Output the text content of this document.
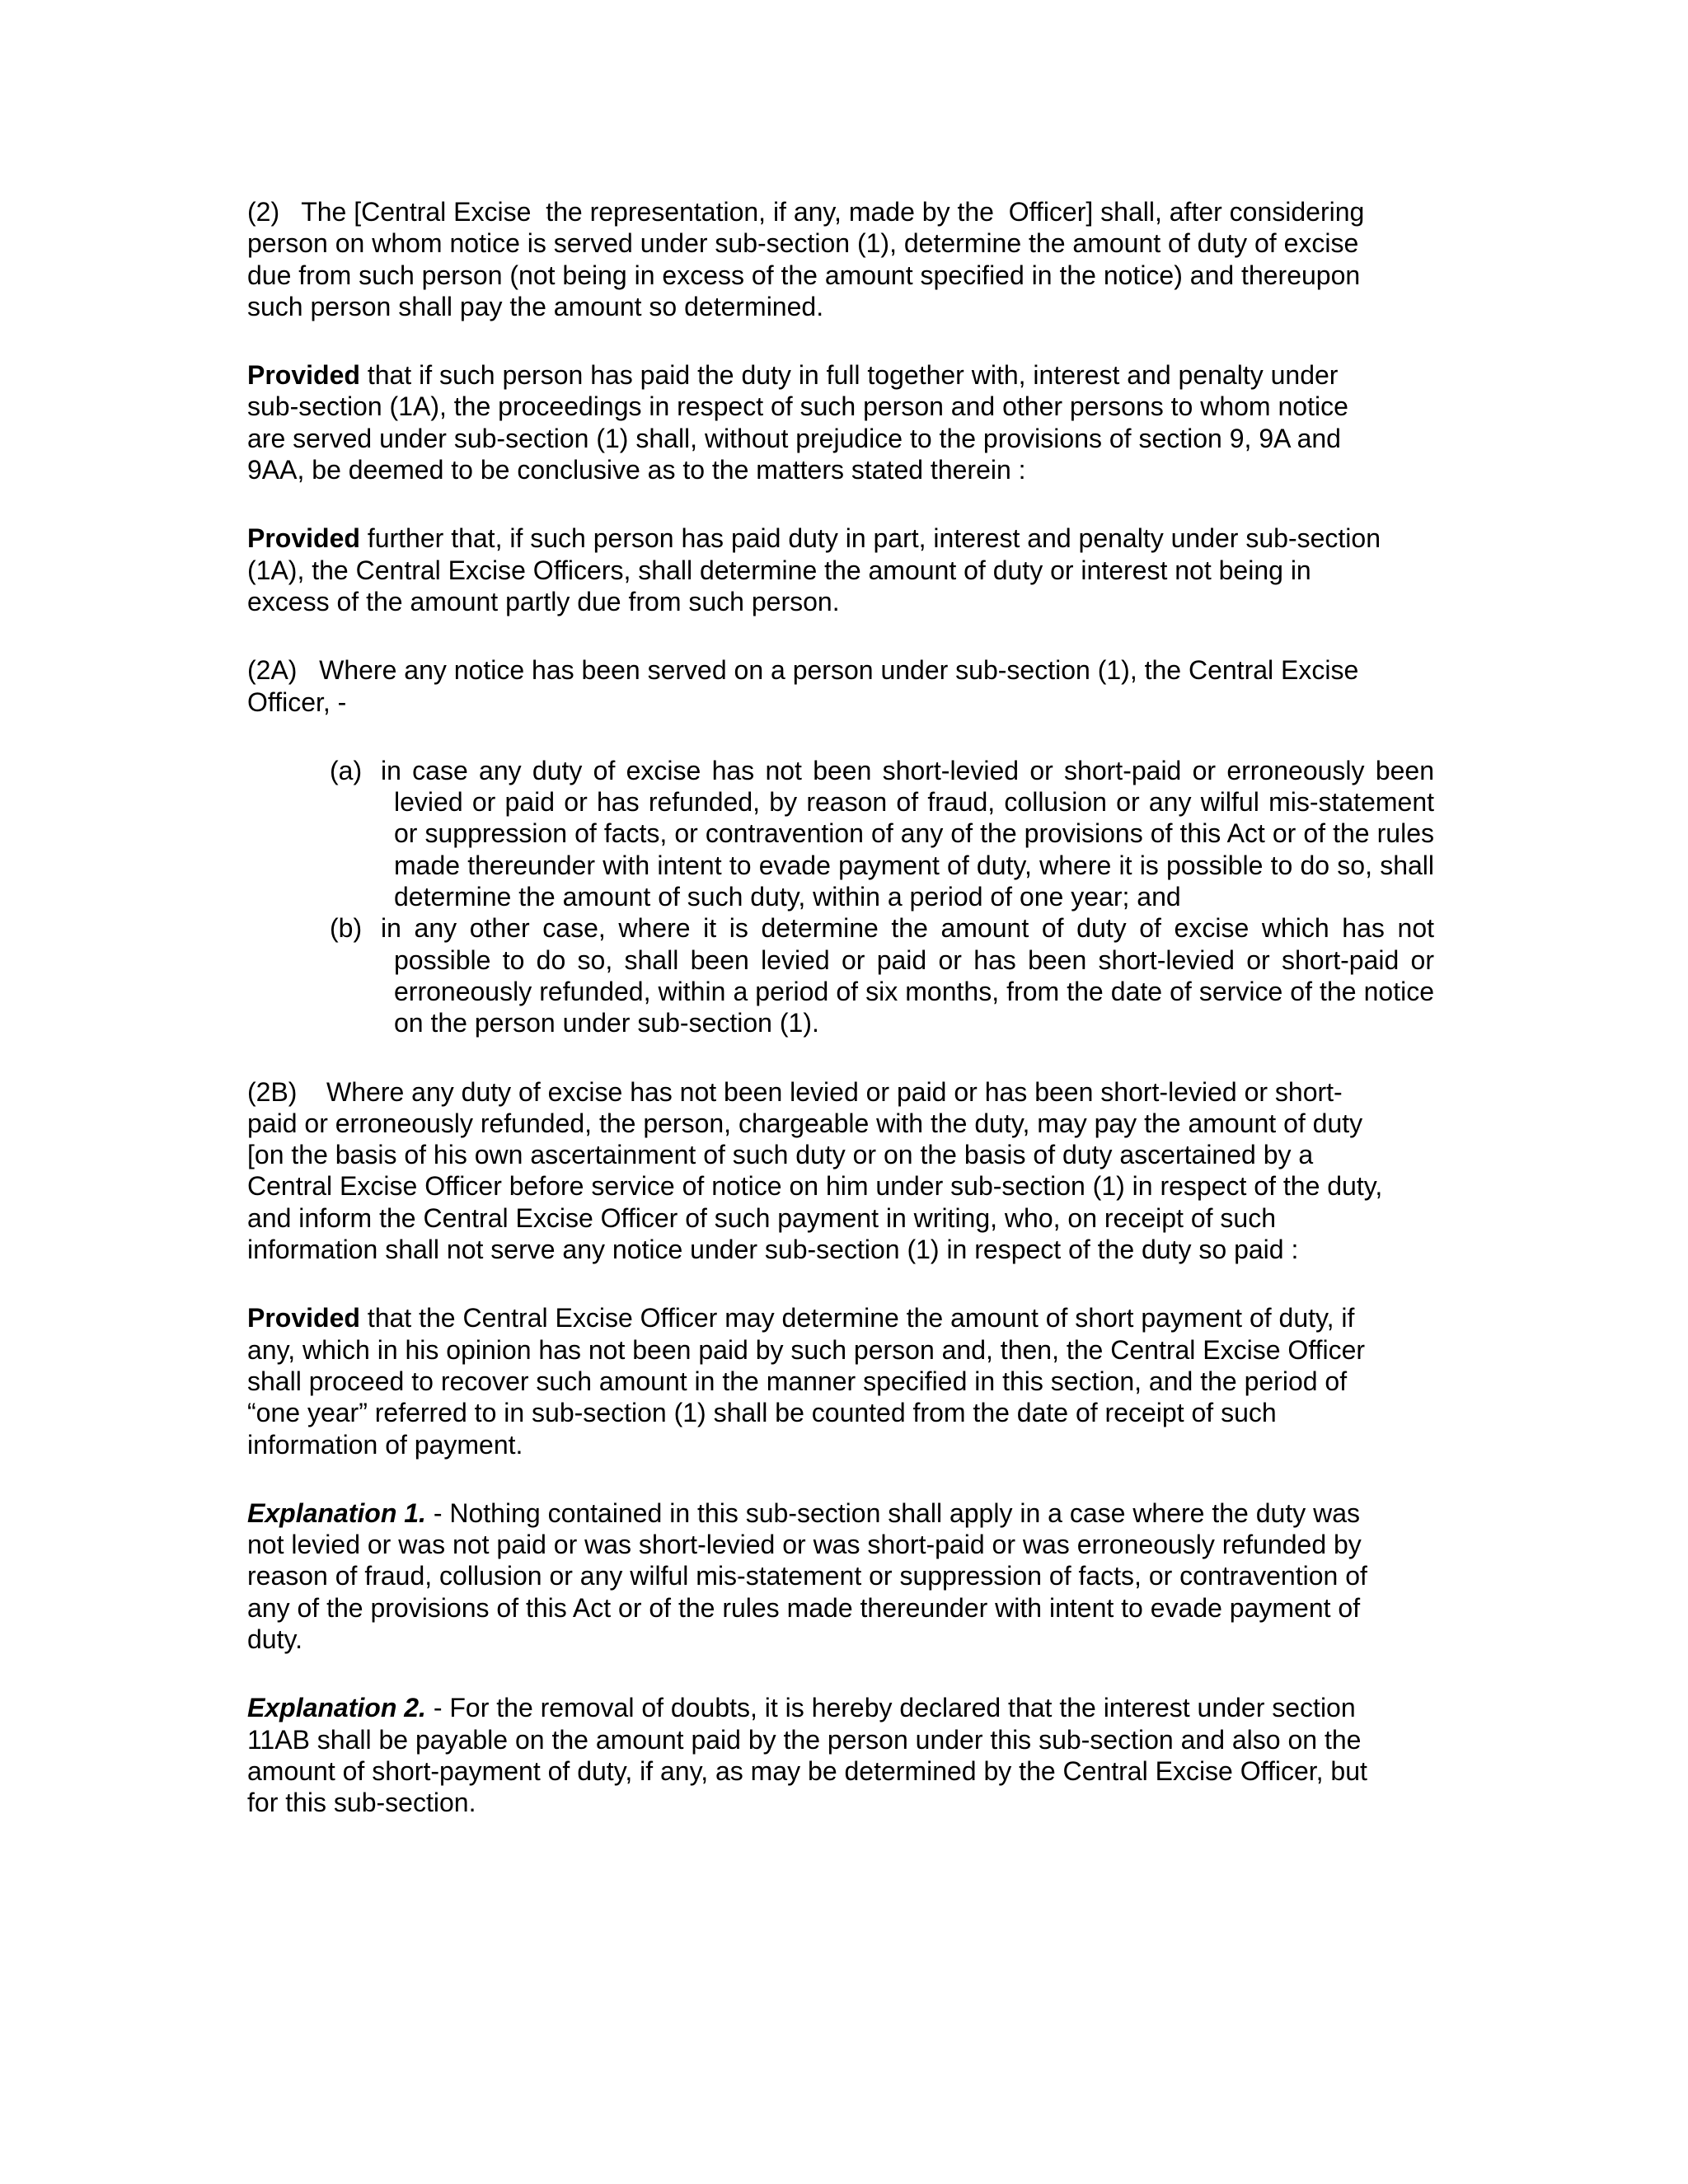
(2)   The [Central Excise  the representation, if any, made by the  Officer] shall, after considering
person on whom notice is served under sub-section (1), determine the amount of duty of excise
due from such person (not being in excess of the amount specified in the notice) and thereupon
such person shall pay the amount so determined.

Provided that if such person has paid the duty in full together with, interest and penalty under
sub-section (1A), the proceedings in respect of such person and other persons to whom notice
are served under sub-section (1) shall, without prejudice to the provisions of section 9, 9A and
9AA, be deemed to be conclusive as to the matters stated therein :

Provided further that, if such person has paid duty in part, interest and penalty under sub-section
(1A), the Central Excise Officers, shall determine the amount of duty or interest not being in
excess of the amount partly due from such person.

(2A)   Where any notice has been served on a person under sub-section (1), the Central Excise
Officer, -

(a) in case any duty of excise has not been short-levied or short-paid or erroneously been levied or paid or has refunded, by reason of fraud, collusion or any wilful mis-statement or suppression of facts, or contravention of any of the provisions of this Act or of the rules made thereunder with intent to evade payment of duty, where it is possible to do so, shall determine the amount of such duty, within a period of one year; and
(b) in any other case, where it is determine the amount of duty of excise which has not possible to do so, shall been levied or paid or has been short-levied or short-paid or erroneously refunded, within a period of six months, from the date of service of the notice on the person under sub-section (1).

(2B)    Where any duty of excise has not been levied or paid or has been short-levied or short-
paid or erroneously refunded, the person, chargeable with the duty, may pay the amount of duty
[on the basis of his own ascertainment of such duty or on the basis of duty ascertained by a
Central Excise Officer before service of notice on him under sub-section (1) in respect of the duty,
and inform the Central Excise Officer of such payment in writing, who, on receipt of such
information shall not serve any notice under sub-section (1) in respect of the duty so paid :

Provided that the Central Excise Officer may determine the amount of short payment of duty, if
any, which in his opinion has not been paid by such person and, then, the Central Excise Officer
shall proceed to recover such amount in the manner specified in this section, and the period of
“one year” referred to in sub-section (1) shall be counted from the date of receipt of such
information of payment.

Explanation 1. - Nothing contained in this sub-section shall apply in a case where the duty was
not levied or was not paid or was short-levied or was short-paid or was erroneously refunded by
reason of fraud, collusion or any wilful mis-statement or suppression of facts, or contravention of
any of the provisions of this Act or of the rules made thereunder with intent to evade payment of
duty.

Explanation 2. - For the removal of doubts, it is hereby declared that the interest under section
11AB shall be payable on the amount paid by the person under this sub-section and also on the
amount of short-payment of duty, if any, as may be determined by the Central Excise Officer, but
for this sub-section.
